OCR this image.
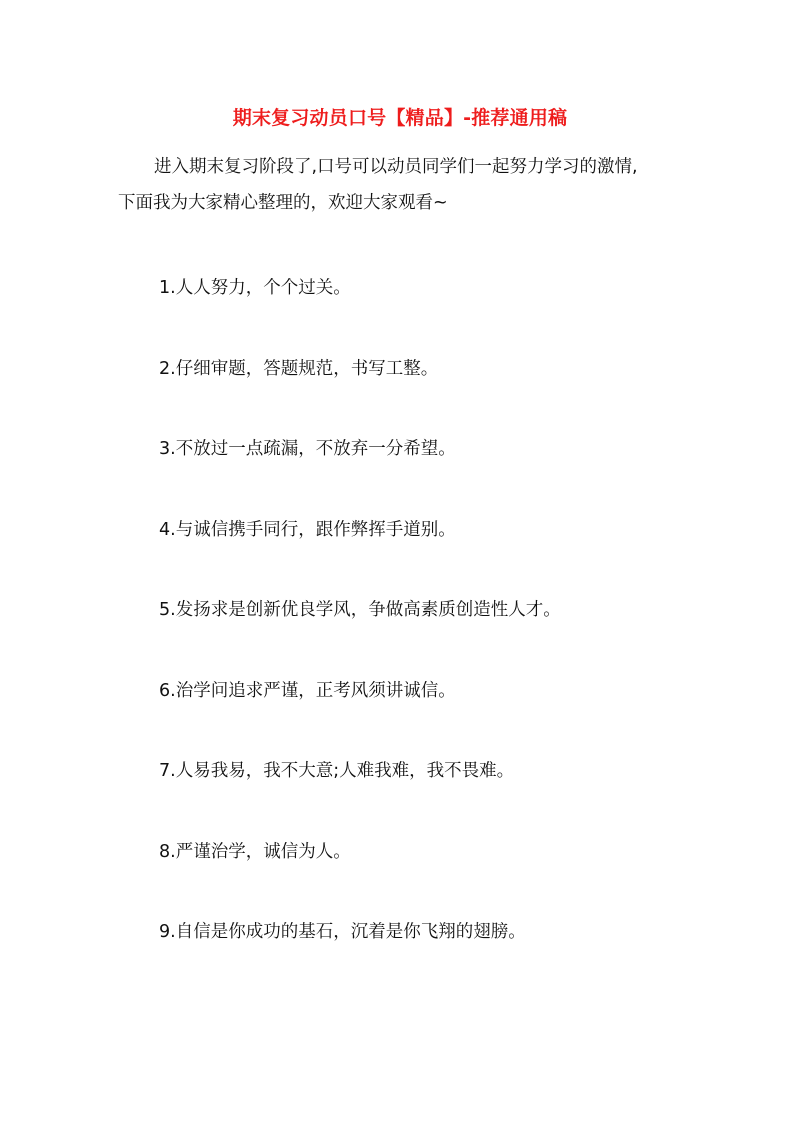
期末复习动员口号【精品】-推荐通用稿
进入期末复习阶段了,口号可以动员同学们一起努力学习的激情,
下面我为大家精心整理的，欢迎大家观看~
1.人人努力，个个过关。
2.仔细审题，答题规范，书写工整。
3.不放过一点疏漏，不放弃一分希望。
4.与诚信携手同行，跟作弊挥手道别。
5.发扬求是创新优良学风，争做高素质创造性人才。
6.治学问追求严谨，正考风须讲诚信。
7.人易我易，我不大意;人难我难，我不畏难。
8.严谨治学，诚信为人。
9.自信是你成功的基石，沉着是你飞翔的翅膀。
